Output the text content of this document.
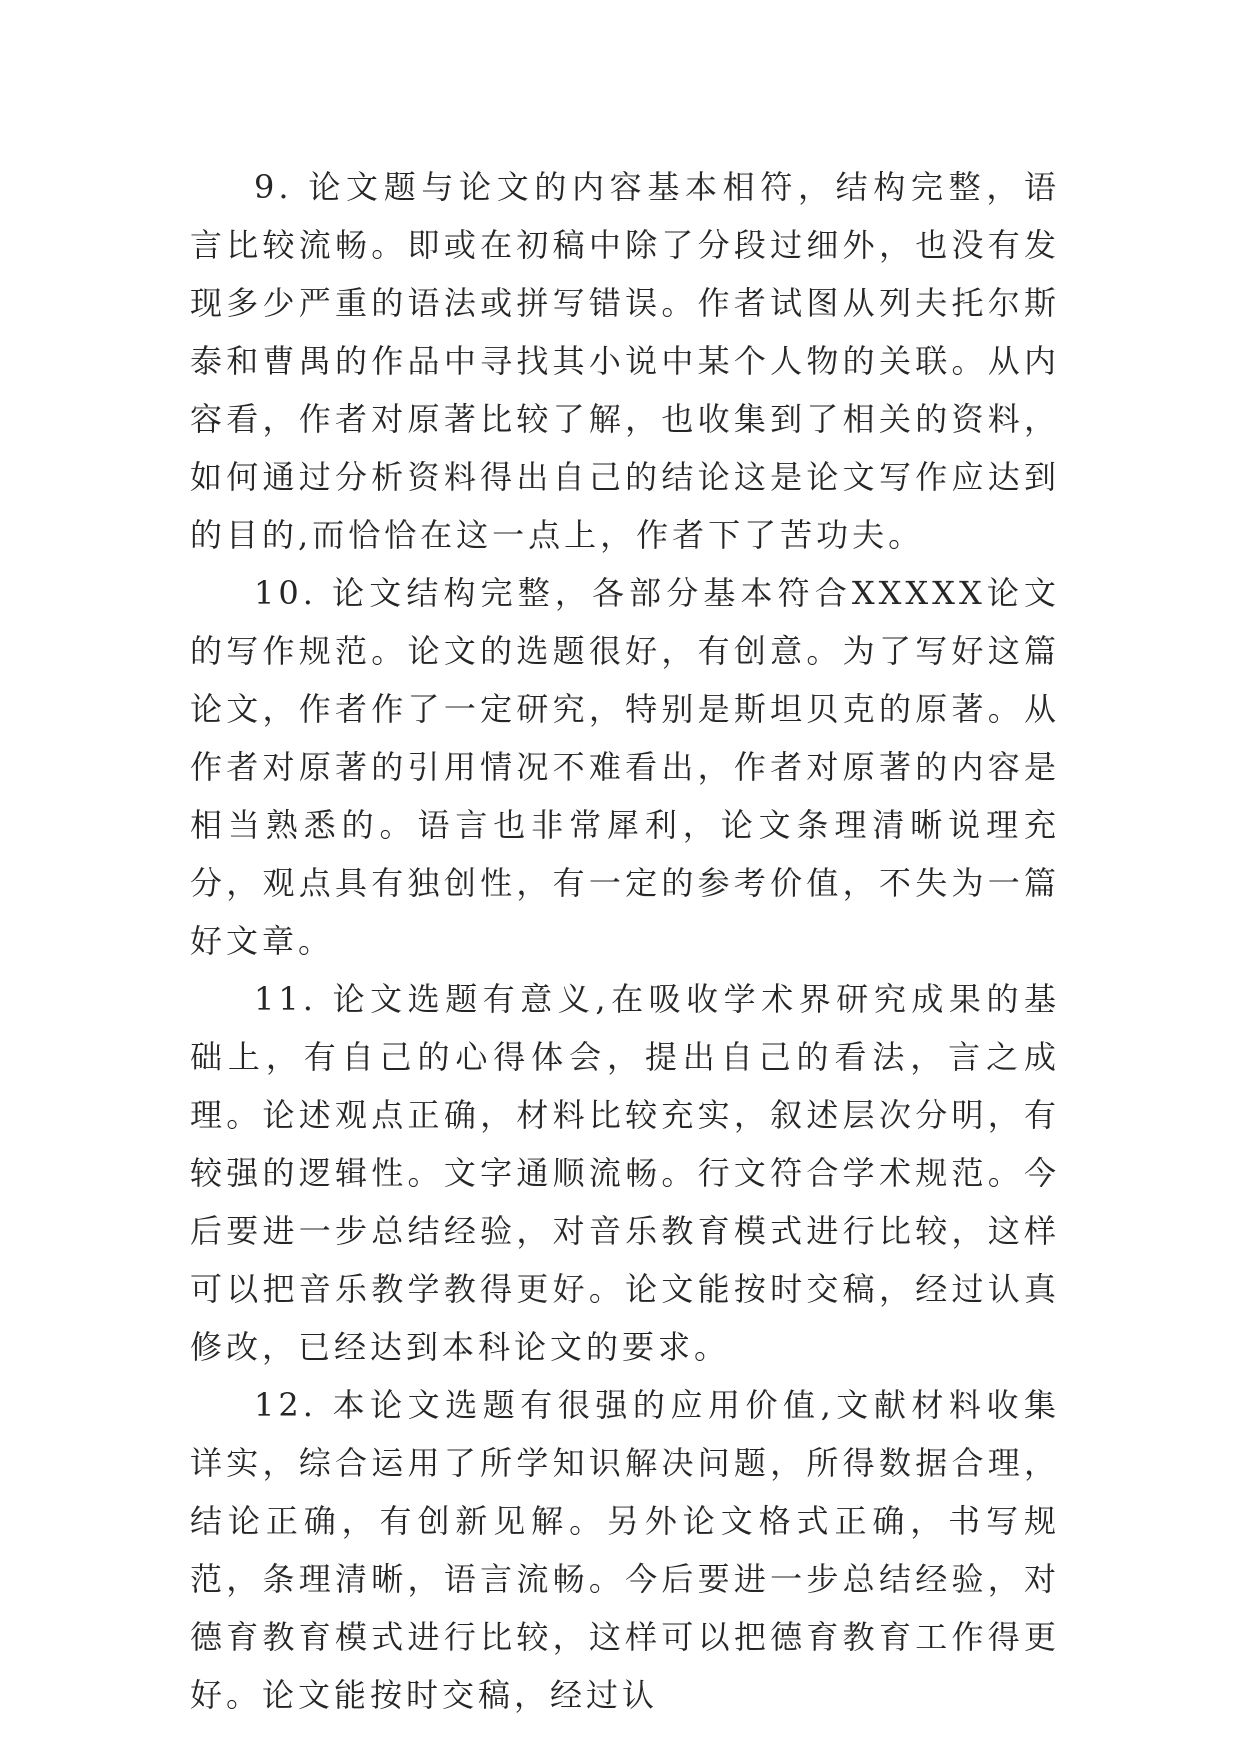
9. 论文题与论文的内容基本相符，结构完整，语言比较流畅。即或在初稿中除了分段过细外，也没有发现多少严重的语法或拼写错误。作者试图从列夫托尔斯泰和曹禺的作品中寻找其小说中某个人物的关联。从内容看，作者对原著比较了解，也收集到了相关的资料，如何通过分析资料得出自己的结论这是论文写作应达到的目的,而恰恰在这一点上，作者下了苦功夫。

10. 论文结构完整，各部分基本符合XXXXX论文的写作规范。论文的选题很好，有创意。为了写好这篇论文，作者作了一定研究，特别是斯坦贝克的原著。从作者对原著的引用情况不难看出，作者对原著的内容是相当熟悉的。语言也非常犀利，论文条理清晰说理充分，观点具有独创性，有一定的参考价值，不失为一篇好文章。

11. 论文选题有意义,在吸收学术界研究成果的基础上，有自己的心得体会，提出自己的看法，言之成理。论述观点正确，材料比较充实，叙述层次分明，有较强的逻辑性。文字通顺流畅。行文符合学术规范。今后要进一步总结经验，对音乐教育模式进行比较，这样可以把音乐教学教得更好。论文能按时交稿，经过认真修改，已经达到本科论文的要求。

12. 本论文选题有很强的应用价值,文献材料收集详实，综合运用了所学知识解决问题，所得数据合理，结论正确，有创新见解。另外论文格式正确，书写规范，条理清晰，语言流畅。今后要进一步总结经验，对德育教育模式进行比较，这样可以把德育教育工作得更好。论文能按时交稿，经过认
